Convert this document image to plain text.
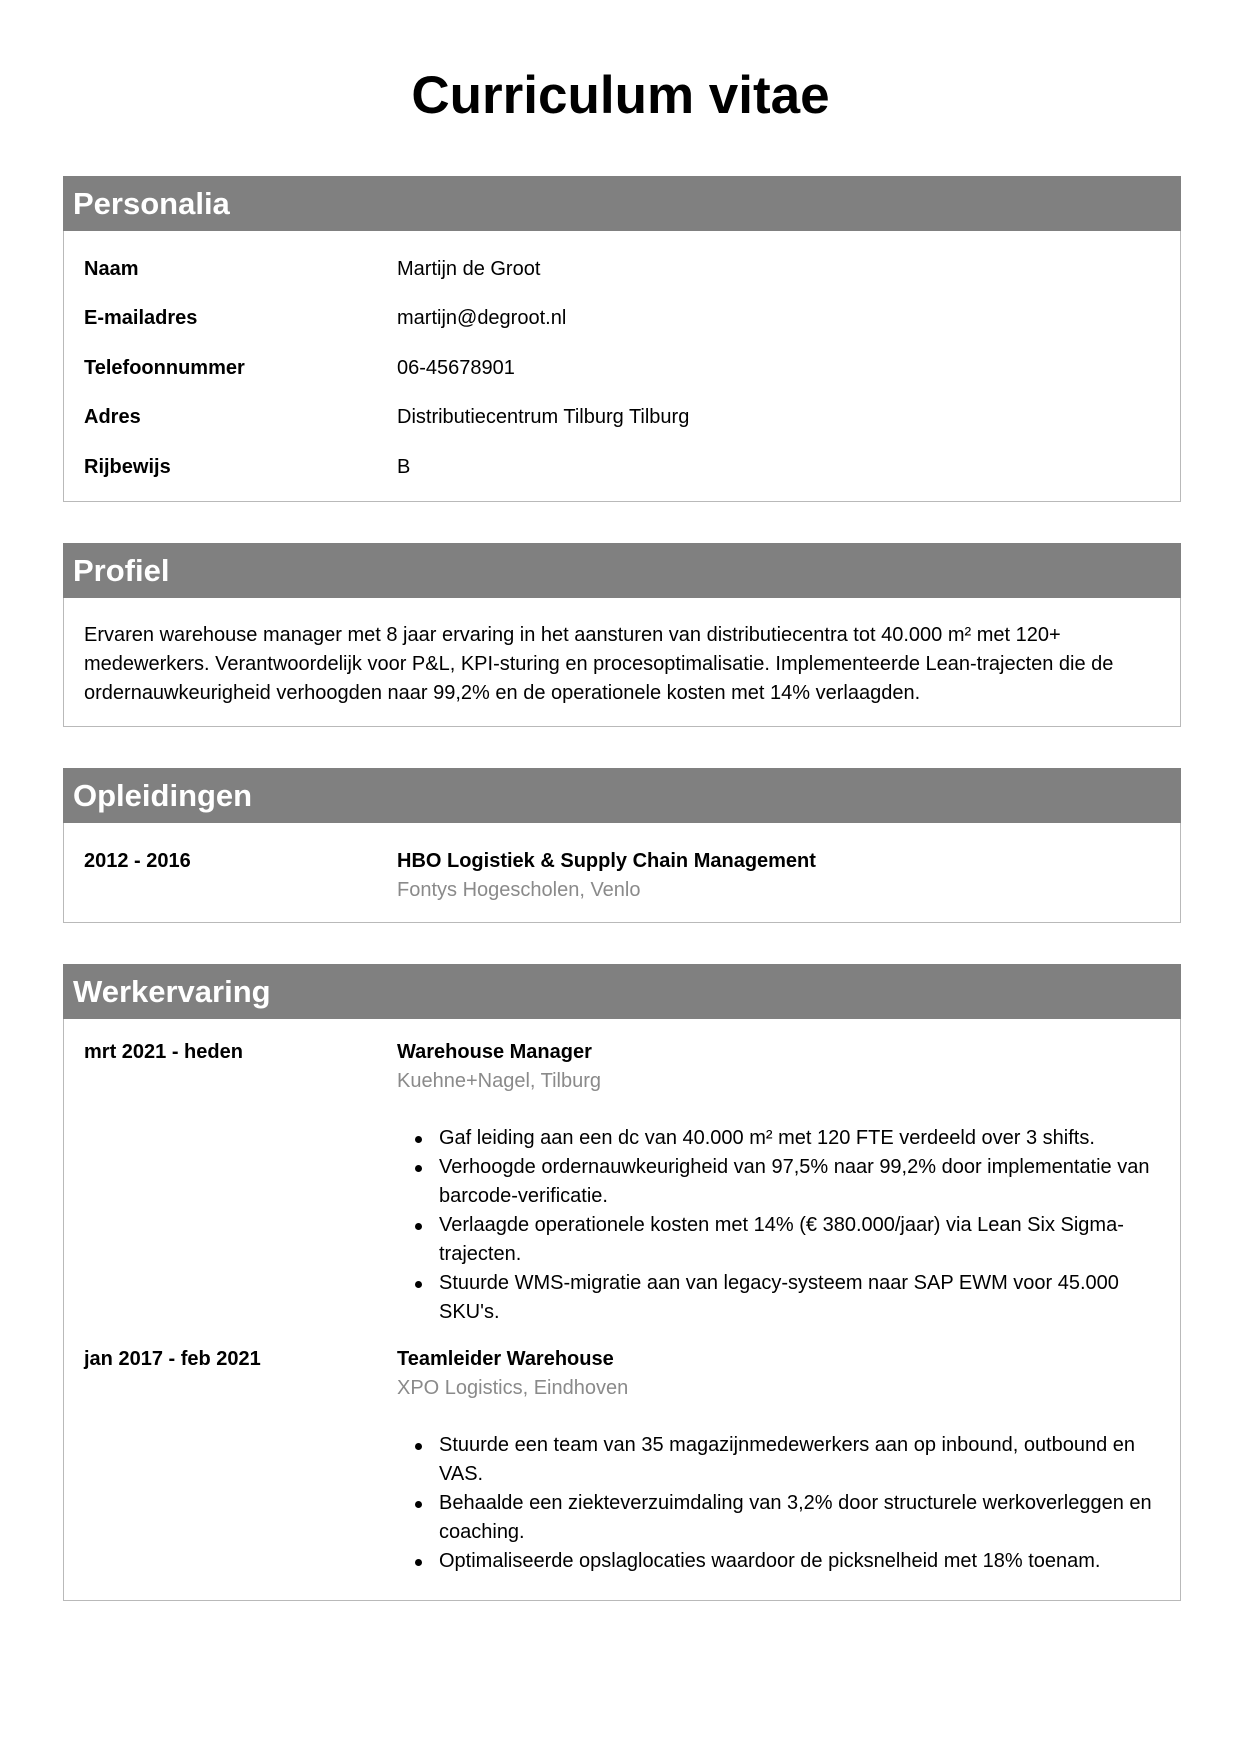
Curriculum vitae
Personalia
Naam	Martijn de Groot
E-mailadres	martijn@degroot.nl
Telefoonnummer	06-45678901
Adres	Distributiecentrum Tilburg Tilburg
Rijbewijs	B
Profiel

Ervaren warehouse manager met 8 jaar ervaring in het aansturen van distributiecentra tot 40.000 m² met 120+ medewerkers. Verantwoordelijk voor P&L, KPI-sturing en procesoptimalisatie. Implementeerde Lean-trajecten die de ordernauwkeurigheid verhoogden naar 99,2% en de operationele kosten met 14% verlaagden.

Opleidingen
2012 - 2016	HBO Logistiek & Supply Chain Management
Fontys Hogescholen, Venlo
Werkervaring
mrt 2021 - heden	Warehouse Manager
Kuehne+Nagel, Tilburg
Gaf leiding aan een dc van 40.000 m² met 120 FTE verdeeld over 3 shifts.
Verhoogde ordernauwkeurigheid van 97,5% naar 99,2% door implementatie van barcode-verificatie.
Verlaagde operationele kosten met 14% (€ 380.000/jaar) via Lean Six Sigma-trajecten.
Stuurde WMS-migratie aan van legacy-systeem naar SAP EWM voor 45.000 SKU's.
jan 2017 - feb 2021	Teamleider Warehouse
XPO Logistics, Eindhoven
Stuurde een team van 35 magazijnmedewerkers aan op inbound, outbound en VAS.
Behaalde een ziekteverzuimdaling van 3,2% door structurele werkoverleggen en coaching.
Optimaliseerde opslaglocaties waardoor de picksnelheid met 18% toenam.
